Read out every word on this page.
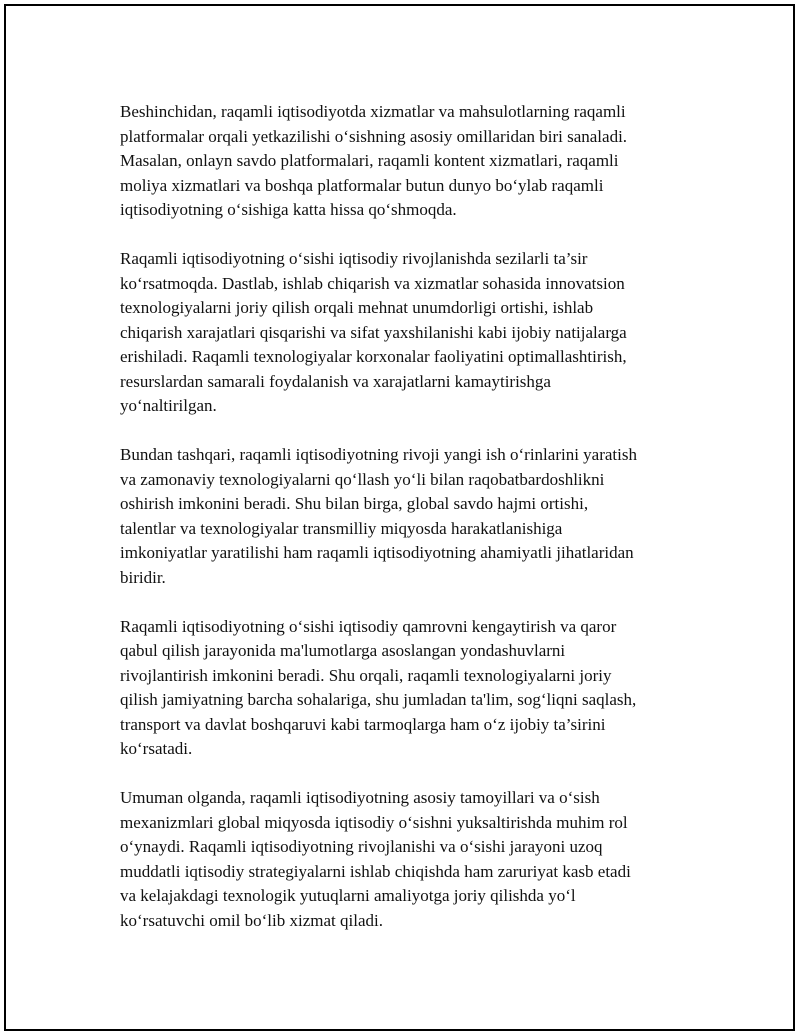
Beshinchidan, raqamli iqtisodiyotda xizmatlar va mahsulotlarning raqamli
platformalar orqali yetkazilishi o‘sishning asosiy omillaridan biri sanaladi.
Masalan, onlayn savdo platformalari, raqamli kontent xizmatlari, raqamli
moliya xizmatlari va boshqa platformalar butun dunyo bo‘ylab raqamli
iqtisodiyotning o‘sishiga katta hissa qo‘shmoqda.

Raqamli iqtisodiyotning o‘sishi iqtisodiy rivojlanishda sezilarli ta’sir
ko‘rsatmoqda. Dastlab, ishlab chiqarish va xizmatlar sohasida innovatsion
texnologiyalarni joriy qilish orqali mehnat unumdorligi ortishi, ishlab
chiqarish xarajatlari qisqarishi va sifat yaxshilanishi kabi ijobiy natijalarga
erishiladi. Raqamli texnologiyalar korxonalar faoliyatini optimallashtirish,
resurslardan samarali foydalanish va xarajatlarni kamaytirishga
yo‘naltirilgan.

Bundan tashqari, raqamli iqtisodiyotning rivoji yangi ish o‘rinlarini yaratish
va zamonaviy texnologiyalarni qo‘llash yo‘li bilan raqobatbardoshlikni
oshirish imkonini beradi. Shu bilan birga, global savdo hajmi ortishi,
talentlar va texnologiyalar transmilliy miqyosda harakatlanishiga
imkoniyatlar yaratilishi ham raqamli iqtisodiyotning ahamiyatli jihatlaridan
biridir.

Raqamli iqtisodiyotning o‘sishi iqtisodiy qamrovni kengaytirish va qaror
qabul qilish jarayonida ma'lumotlarga asoslangan yondashuvlarni
rivojlantirish imkonini beradi. Shu orqali, raqamli texnologiyalarni joriy
qilish jamiyatning barcha sohalariga, shu jumladan ta'lim, sog‘liqni saqlash,
transport va davlat boshqaruvi kabi tarmoqlarga ham o‘z ijobiy ta’sirini
ko‘rsatadi.

Umuman olganda, raqamli iqtisodiyotning asosiy tamoyillari va o‘sish
mexanizmlari global miqyosda iqtisodiy o‘sishni yuksaltirishda muhim rol
o‘ynaydi. Raqamli iqtisodiyotning rivojlanishi va o‘sishi jarayoni uzoq
muddatli iqtisodiy strategiyalarni ishlab chiqishda ham zaruriyat kasb etadi
va kelajakdagi texnologik yutuqlarni amaliyotga joriy qilishda yo‘l
ko‘rsatuvchi omil bo‘lib xizmat qiladi.
